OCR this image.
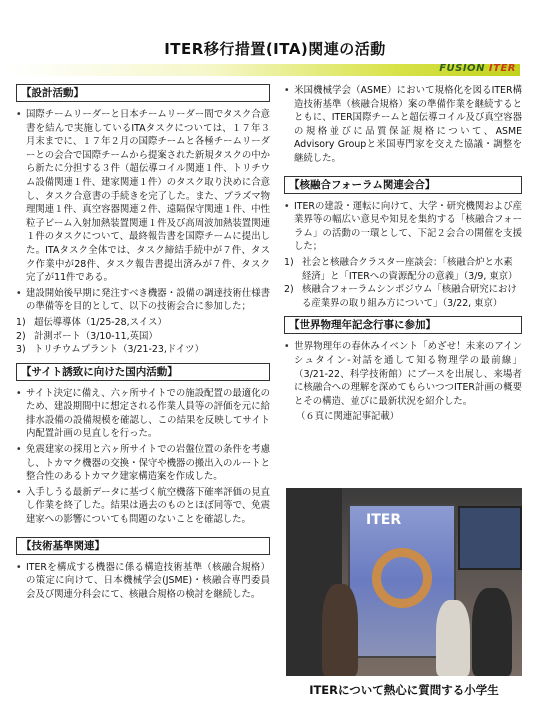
ITER移行措置(ITA)関連の活動
FUSION ITER
【設計活動】

• 国際チームリーダーと日本チームリーダー間でタスク合意書を結んで実施しているITAタスクについては、１７年３月末までに、１７年２月の国際チームと各極チームリーダーとの会合で国際チームから提案された新規タスクの中から新たに分担する３件（超伝導コイル関連１件、トリチウム設備関連１件、建家関連１件）のタスク取り決めに合意し、タスク合意書の手続きを完了した。また、プラズマ物理関連１件、真空容器関連２件、遠隔保守関連１件、中性粒子ビーム入射加熱装置関連１件及び高周波加熱装置関連１件のタスクについて、最終報告書を国際チームに提出した。ITAタスク全体では、タスク締結手続中が７件、タスク作業中が28件、タスク報告書提出済みが７件、タスク完了が11件である。

• 建設開始後早期に発注すべき機器・設備の調達技術仕様書の準備等を目的として、以下の技術会合に参加した；

1) 超伝導導体（1/25-28,スイス）
2) 計測ポート（3/10-11,英国）
3) トリチウムプラント（3/21-23,ドイツ）
【サイト誘致に向けた国内活動】

• サイト決定に備え、六ヶ所サイトでの施設配置の最適化のため、建設期間中に想定される作業人員等の評価を元に給排水設備の設備規模を確認し、この結果を反映してサイト内配置計画の見直しを行った。

• 免震建家の採用と六ヶ所サイトでの岩盤位置の条件を考慮し、トカマク機器の交換・保守や機器の搬出入のルートと整合性のあるトカマク建家構造案を作成した。

• 入手しうる最新データに基づく航空機落下確率評価の見直し作業を終了した。結果は過去のものとほぼ同等で、免震建家への影響についても問題のないことを確認した。

【技術基準関連】

• ITERを構成する機器に係る構造技術基準（核融合規格）の策定に向けて、日本機械学会(JSME)・核融合専門委員会及び関連分科会にて、核融合規格の検討を継続した。

• 米国機械学会（ASME）において規格化を図るITER構造技術基準（核融合規格）案の準備作業を継続するとともに、ITER国際チームと超伝導コイル及び真空容器の規格並びに品質保証規格について、ASME Advisory Groupと米国専門家を交えた協議・調整を継続した。

【核融合フォーラム関連会合】

• ITERの建設・運転に向けて、大学・研究機関および産業界等の幅広い意見や知見を集約する「核融合フォーラム」の活動の一環として、下記２会合の開催を支援した；

1) 社会と核融合クラスター座談会：「核融合炉と水素経済」と「ITERへの資源配分の意義」（3/9, 東京）
2) 核融合フォーラムシンポジウム「核融合研究における産業界の取り組み方について」（3/22, 東京）
【世界物理年記念行事に参加】

• 世界物理年の春休みイベント「めざせ！未来のアインシュタイン-対話を通して知る物理学の最前線」（3/21-22、科学技術館）にブースを出展し、来場者に核融合への理解を深めてもらいつつITER計画の概要とその構造、並びに最新状況を紹介した。

（６頁に関連記事記載）

ITER
ITERについて熱心に質問する小学生
